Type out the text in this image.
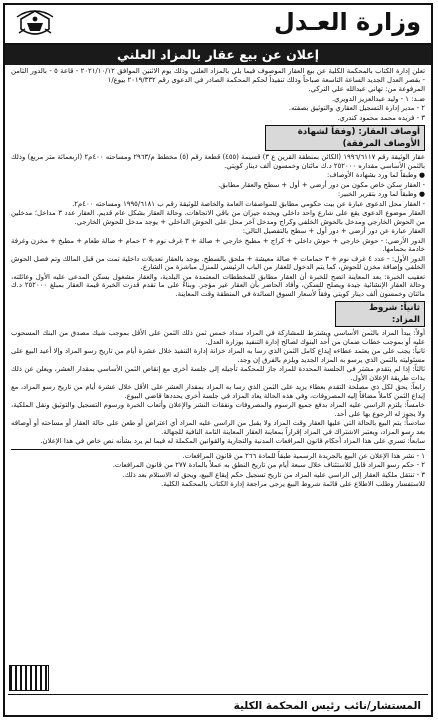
وزارة العـدل
إعلان عن بيع عقار بالمزاد العلني

تعلن إدارة الكتاب بالمحكمة الكلية عن بيع العقار الموصوف فيما يلي بالمزاد العلني وذلك يوم الاثنين الموافق ٢٠٢١/١٠/١٢ - قاعة ٥ - بالدور الثامن - بقصر العدل الجديد الساعة التاسعة صباحاً وذلك تنفيذاً لحكم المحكمة الصادر في الدعوى رقم ٢٠١٩/٣٣٢ بيوع/١

المرفوعة من: تهاني عبدالله علي التركي.

ضـد: ١ - وليد عبدالعزيز الدويري.

٢ - مدير إدارة التسجيل العقاري والتوثيق بصفته.

٣ - فريده محمد محمود كندري.

أوصاف العقار: (وفقاً لشهادة الأوصاف المرفقة)

عقار الوثيقة رقم ١٩٩٦/٦١١٧ (الكائن بمنطقة القرين ع ٣) قسيمة (٤٥٥) قطعة رقم (٥) مخطط م/٢٩٦٣ ومساحته ٤٠٠م٢ (اربعمائة متر مربع) وذلك بالثمن الأساسي مقداره ٢٥٢٠٠٠ د.ك مائتان وخمسون ألف دينار كويتي.

● وطبقاً لما ورد بشهادة الأوصاف:

- العقار سكن خاص مكون من دور أرضي + أول + سطح والعقار مطابق.

● وطبقاً لما ورد بتقرير الخبير:

- العقار محل الدعوى عبارة عن بيت حكومي مطابق للمواصفات العامة والخاصة للوثيقة رقم ب ١٩٩٥/٦١٨١ ومساحته ٤٠٠م٢.

العقار موضوع الدعوى يقع على شارع واحد داخلي ويحده جيران من باقي الاتجاهات، وحالة العقار بشكل عام قديم. العقار عدد ٣ مداخل؛ مدخلين من الحوش الخارجي ومدخل بالحوش الخلفي وكراج ومدخل آخر محل على الحوش الداخلي + يوجد مدخل للحوش الخارجي.

العقار عبارة عن دور أرضي + دور أول + سطح بالتفصيل التالي:

الدور الأرضي: - حوش خارجي + حوش داخلي + كراج + مطبخ خارجي + صالة + ٣ غرف نوم + ٢ حمام + صالة طعام + مطبخ + مخزن وغرفة خادمة بحمامها.

الدور الأول: - عدد ٤ غرف نوم + ٣ حمامات + صالة معيشة + ملحق بالسطح. يوجد بالعقار تعديلات داخلية تمت من قبل المالك وتم فصل الحوش الخلفي وإضافة مخزن للحوش، كما يتم الدخول للعقار من الباب الرئيسي للمنزل مباشرة من الشارع.

تعقيب الخبرة: بعد المعاينة اتضح للخبرة أن العقار مطابق للمخططات المعتمدة من البلدية، والعقار مشغول بسكن المدعى عليه الأول وعائلته، وحالة العقار الإنشائية جيدة ويصلح للسكن، وأفاد الحاضر بأن العقار غير مؤجر. وبناءً على ما تقدم قدرت الخبرة قيمة العقار بمبلغ ٢٥٢٠٠٠ د.ك مائتان وخمسون ألف دينار كويتي وفقاً لأسعار السوق السائدة في المنطقة وقت المعاينة.

ثانياً: شروط المزاد:

أولاً: يبدأ المزاد بالثمن الأساسي ويشترط للمشاركة في المزاد سداد خمس ثمن ذلك الثمن على الأقل بموجب شيك مصدق من البنك المسحوب عليه أو بموجب خطاب ضمان من أحد البنوك لصالح إدارة التنفيذ بوزارة العدل.

ثانياً: يجب على من يعتمد عطاءه إيداع كامل الثمن الذي رسا به المزاد خزانة إدارة التنفيذ خلال عشرة أيام من تاريخ رسو المزاد وإلا أعيد البيع على مسئوليته بالثمن الذي يرسو به المزاد الجديد ويلزم بالفرق إن وجد.

ثالثاً: إذا لم يتقدم مشتر في الجلسة المحددة للمزاد جاز للمحكمة تأجيله إلى جلسة أخرى مع إنقاص الثمن الأساسي بمقدار العشر، ويعلن عن ذلك بذات طريقة الإعلان الأول.

رابعاً: يحق لكل ذي مصلحة التقدم بعطاء يزيد على الثمن الذي رسا به المزاد بمقدار العشر على الأقل خلال عشرة أيام من تاريخ رسو المزاد، مع إيداع الثمن كاملاً مضافاً إليه المصروفات، وفي هذه الحالة يعاد المزاد في جلسة أخرى يحددها قاضي البيوع.

خامساً: يلتزم الراسي عليه المزاد بدفع جميع الرسوم والمصروفات ونفقات النشر والإعلان وأتعاب الخبرة ورسوم التسجيل والتوثيق ونقل الملكية، ولا يجوز له الرجوع بها على أحد.

سادساً: يتم البيع بالحالة التي عليها العقار وقت المزاد ولا يقبل من الراسي عليه المزاد أي اعتراض أو طعن على حالة العقار أو مساحته أو أوصافه بعد رسو المزاد، ويعتبر الاشتراك في المزاد إقراراً بمعاينة العقار المعاينة التامة النافية للجهالة.

سابعاً: تسري على هذا المزاد أحكام قانون المرافعات المدنية والتجارية والقوانين المكملة له فيما لم يرد بشأنه نص خاص في هذا الإعلان.

١ - نشر هذا الإعلان عن البيع بالجريدة الرسمية طبقاً للمادة ٢٦٦ من قانون المرافعات.

٢ - حكم رسو المزاد قابل للاستئناف خلال سبعة أيام من تاريخ النطق به عملاً بالمادة ٢٧٧ من قانون المرافعات.

٣ - تنتقل ملكية العقار إلى الراسي عليه المزاد من تاريخ تسجيل حكم إيقاع البيع، ويحق له الاستلام بعد ذلك.

للاستفسار وطلب الاطلاع على قائمة شروط البيع يرجى مراجعة إدارة الكتاب بالمحكمة الكلية.

المستشار/نائب رئيس المحكمة الكلية
